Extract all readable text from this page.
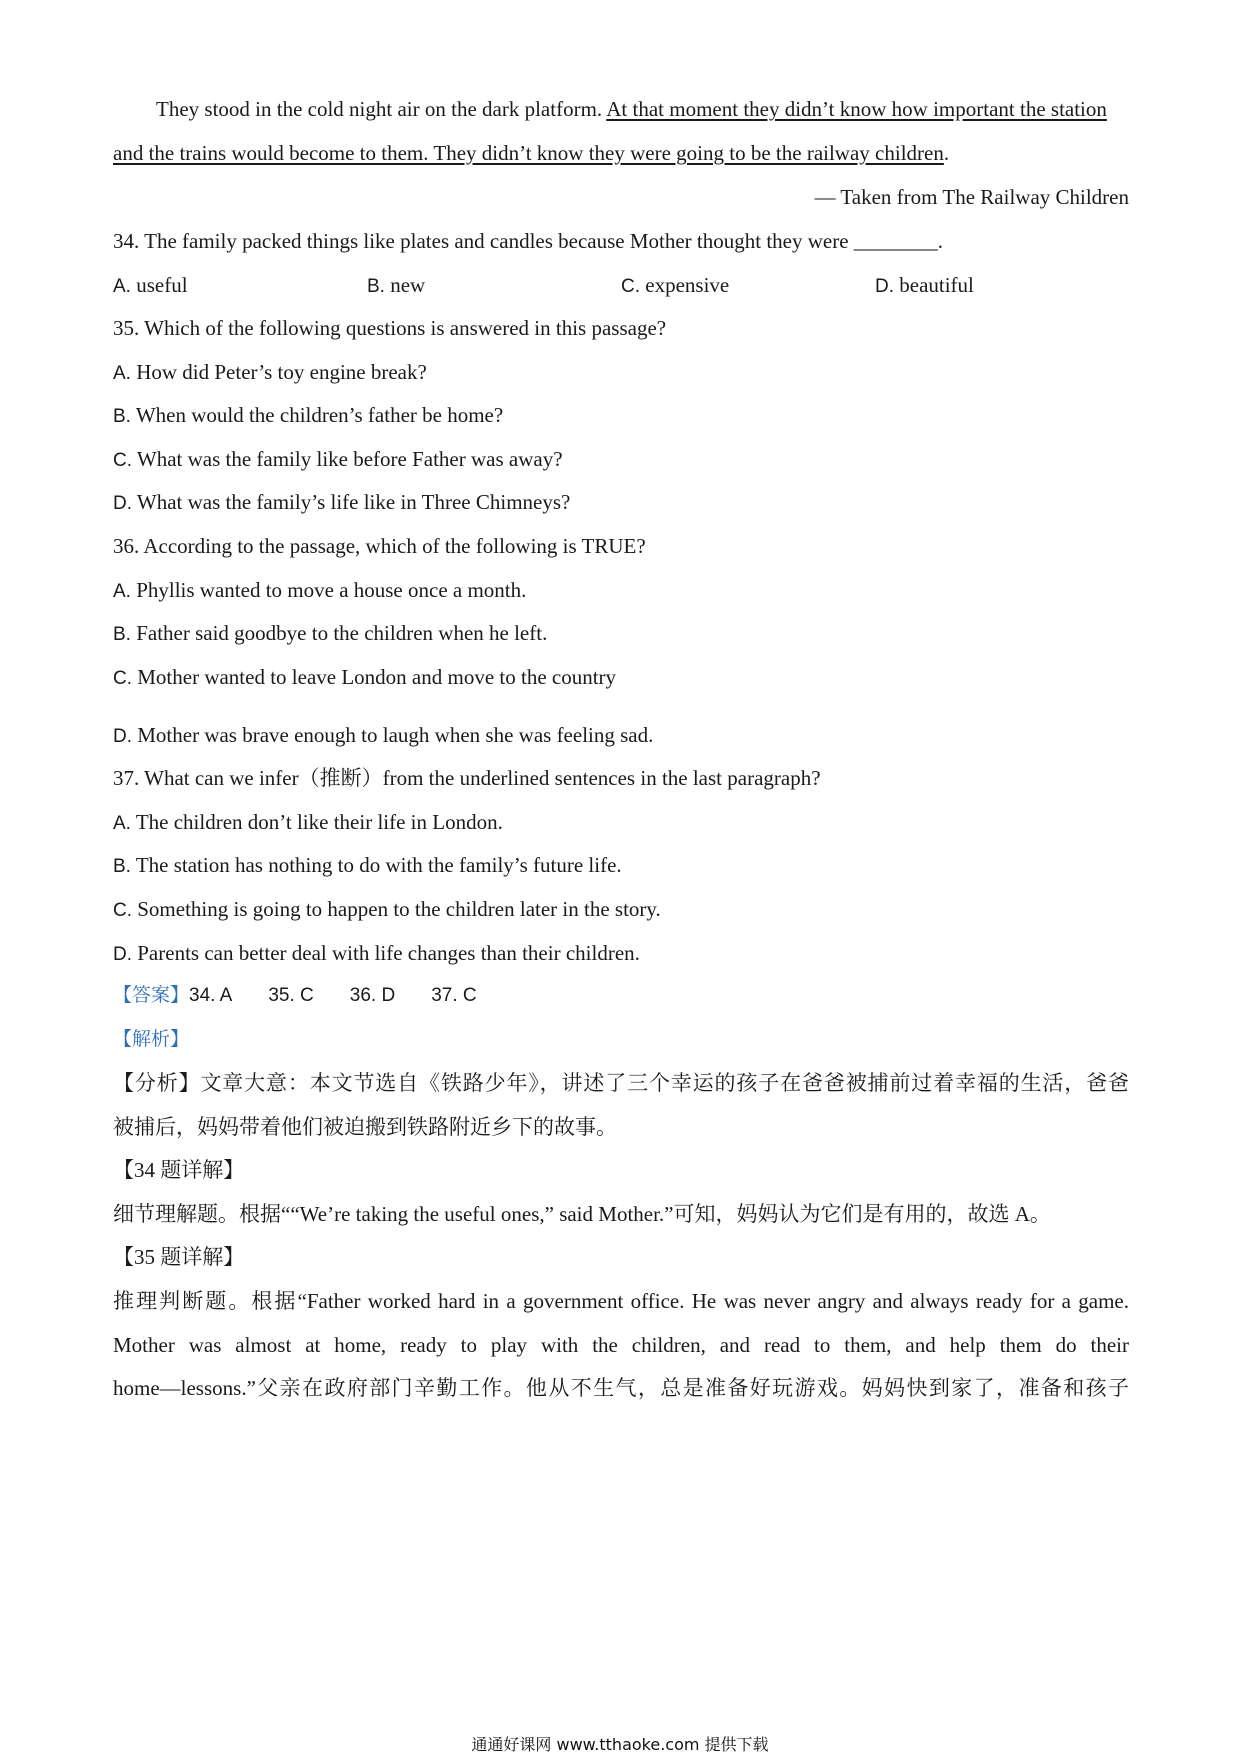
They stood in the cold night air on the dark platform. At that moment they didn’t know how important the station
and the trains would become to them. They didn’t know they were going to be the railway children.
— Taken from The Railway Children
34. The family packed things like plates and candles because Mother thought they were ________.
A. useful	B. new	C. expensive	D. beautiful
35. Which of the following questions is answered in this passage?
A. How did Peter’s toy engine break?
B. When would the children’s father be home?
C. What was the family like before Father was away?
D. What was the family’s life like in Three Chimneys?
36. According to the passage, which of the following is TRUE?
A. Phyllis wanted to move a house once a month.
B. Father said goodbye to the children when he left.
C. Mother wanted to leave London and move to the country
D. Mother was brave enough to laugh when she was feeling sad.
37. What can we infer（推断）from the underlined sentences in the last paragraph?
A. The children don’t like their life in London.
B. The station has nothing to do with the family’s future life.
C. Something is going to happen to the children later in the story.
D. Parents can better deal with life changes than their children.
【答案】34. A 35. C 36. D 37. C
【解析】
【分析】文章大意：本文节选自《铁路少年》，讲述了三个幸运的孩子在爸爸被捕前过着幸福的生活，爸爸
被捕后，妈妈带着他们被迫搬到铁路附近乡下的故事。
【34 题详解】
细节理解题。根据““We’re taking the useful ones,” said Mother.”可知，妈妈认为它们是有用的，故选 A。
【35 题详解】
推理判断题。根据“Father worked hard in a government office. He was never angry and always ready for a game.
Mother was almost at home, ready to play with the children, and read to them, and help them do their
home—lessons.”父亲在政府部门辛勤工作。他从不生气，总是准备好玩游戏。妈妈快到家了，准备和孩子
通通好课网 www.tthaoke.com 提供下载
